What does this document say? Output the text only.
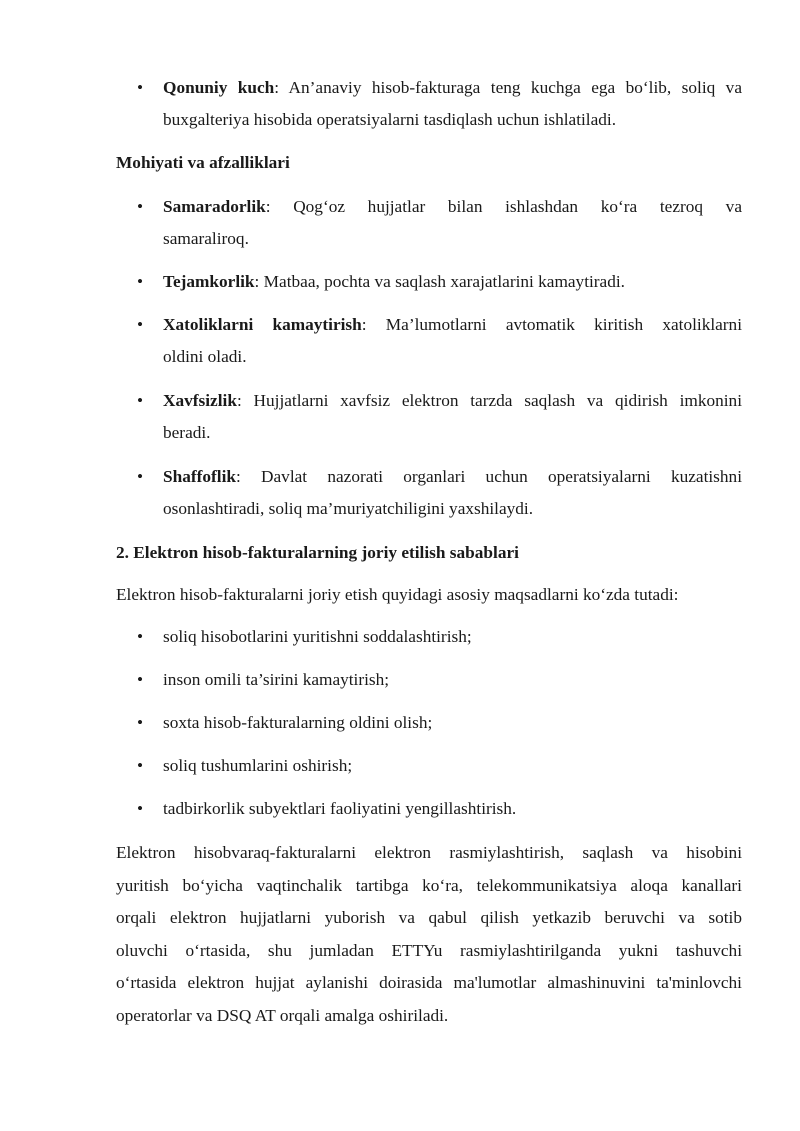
• Qonuniy kuch: An’anaviy hisob-fakturaga teng kuchga ega bo‘lib, soliq va
buxgalteriya hisobida operatsiyalarni tasdiqlash uchun ishlatiladi.

Mohiyati va afzalliklari

• Samaradorlik: Qog‘oz hujjatlar bilan ishlashdan ko‘ra tezroq va
samaraliroq.
• Tejamkorlik: Matbaa, pochta va saqlash xarajatlarini kamaytiradi.
• Xatoliklarni kamaytirish: Ma’lumotlarni avtomatik kiritish xatoliklarni
oldini oladi.
• Xavfsizlik: Hujjatlarni xavfsiz elektron tarzda saqlash va qidirish imkonini
beradi.
• Shaffoflik: Davlat nazorati organlari uchun operatsiyalarni kuzatishni
osonlashtiradi, soliq ma’muriyatchiligini yaxshilaydi.

2. Elektron hisob-fakturalarning joriy etilish sabablari

Elektron hisob-fakturalarni joriy etish quyidagi asosiy maqsadlarni ko‘zda tutadi:

• soliq hisobotlarini yuritishni soddalashtirish;
• inson omili ta’sirini kamaytirish;
• soxta hisob-fakturalarning oldini olish;
• soliq tushumlarini oshirish;
• tadbirkorlik subyektlari faoliyatini yengillashtirish.
Elektron hisobvaraq-fakturalarni elektron rasmiylashtirish, saqlash va hisobini
yuritish bo‘yicha vaqtinchalik tartibga ko‘ra, telekommunikatsiya aloqa kanallari
orqali elektron hujjatlarni yuborish va qabul qilish yetkazib beruvchi va sotib
oluvchi o‘rtasida, shu jumladan ETTYu rasmiylashtirilganda yukni tashuvchi
o‘rtasida elektron hujjat aylanishi doirasida ma'lumotlar almashinuvini ta'minlovchi
operatorlar va DSQ AT orqali amalga oshiriladi.
